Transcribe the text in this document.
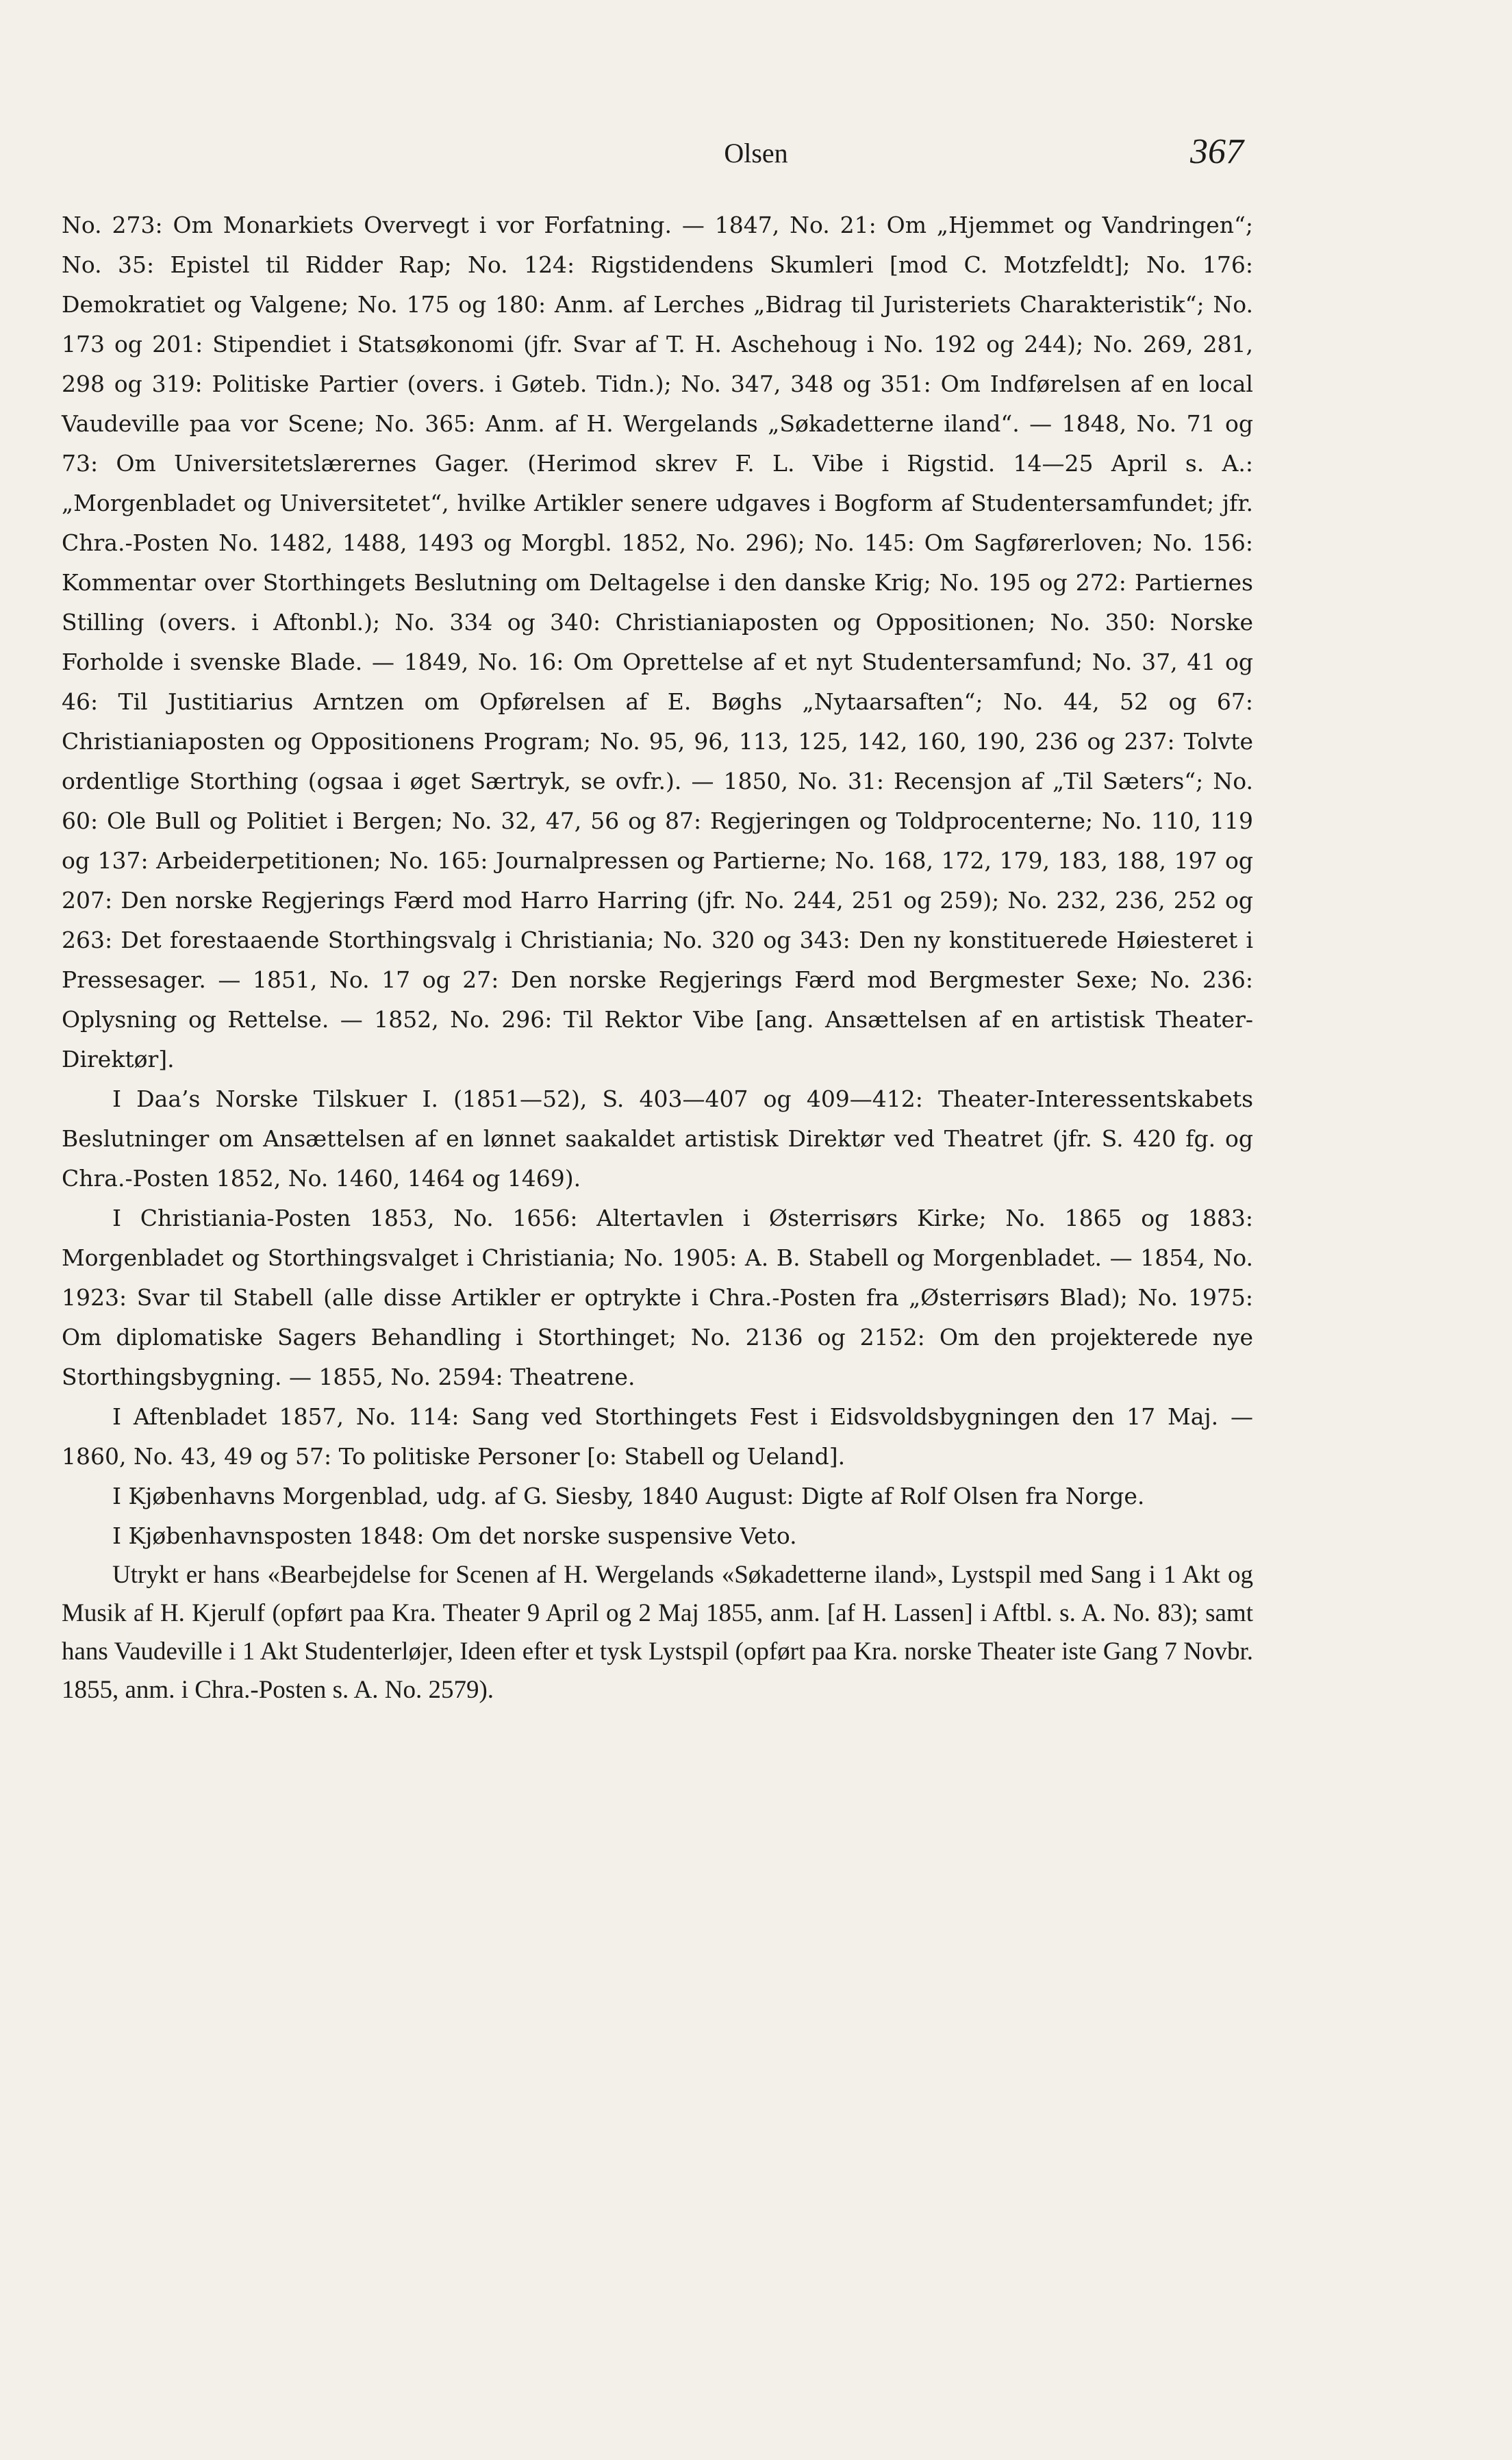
Olsen	367

No. 273: Om Monarkiets Overvegt i vor Forfatning. — 1847, No. 21: Om „Hjemmet og Vandringen“; No. 35: Epistel til Ridder Rap; No. 124: Rigstidendens Skumleri [mod C. Motzfeldt]; No. 176: Demokratiet og Valgene; No. 175 og 180: Anm. af Lerches „Bidrag til Juristeriets Charakteristik“; No. 173 og 201: Stipendiet i Statsøkonomi (jfr. Svar af T. H. Aschehoug i No. 192 og 244); No. 269, 281, 298 og 319: Politiske Partier (overs. i Gøteb. Tidn.); No. 347, 348 og 351: Om Indførelsen af en local Vaudeville paa vor Scene; No. 365: Anm. af H. Wergelands „Søkadetterne iland“. — 1848, No. 71 og 73: Om Universitetslærernes Gager. (Herimod skrev F. L. Vibe i Rigstid. 14—25 April s. A.: „Morgenbladet og Universitetet“, hvilke Artikler senere udgaves i Bogform af Studentersamfundet; jfr. Chra.-Posten No. 1482, 1488, 1493 og Morgbl. 1852, No. 296); No. 145: Om Sagførerloven; No. 156: Kommentar over Storthingets Beslutning om Deltagelse i den danske Krig; No. 195 og 272: Partiernes Stilling (overs. i Aftonbl.); No. 334 og 340: Christianiaposten og Oppositionen; No. 350: Norske Forholde i svenske Blade. — 1849, No. 16: Om Oprettelse af et nyt Studentersamfund; No. 37, 41 og 46: Til Justitiarius Arntzen om Opførelsen af E. Bøghs „Nytaarsaften“; No. 44, 52 og 67: Christianiaposten og Oppositionens Program; No. 95, 96, 113, 125, 142, 160, 190, 236 og 237: Tolvte ordentlige Storthing (ogsaa i øget Særtryk, se ovfr.). — 1850, No. 31: Recensjon af „Til Sæters“; No. 60: Ole Bull og Politiet i Bergen; No. 32, 47, 56 og 87: Regjeringen og Toldprocenterne; No. 110, 119 og 137: Arbeiderpetitionen; No. 165: Journalpressen og Partierne; No. 168, 172, 179, 183, 188, 197 og 207: Den norske Regjerings Færd mod Harro Harring (jfr. No. 244, 251 og 259); No. 232, 236, 252 og 263: Det forestaaende Storthingsvalg i Christiania; No. 320 og 343: Den ny konstituerede Høiesteret i Pressesager. — 1851, No. 17 og 27: Den norske Regjerings Færd mod Bergmester Sexe; No. 236: Oplysning og Rettelse. — 1852, No. 296: Til Rektor Vibe [ang. Ansættelsen af en artistisk Theater-Direktør].

I Daa’s Norske Tilskuer I. (1851—52), S. 403—407 og 409—412: Theater-Interessentskabets Beslutninger om Ansættelsen af en lønnet saakaldet artistisk Direktør ved Theatret (jfr. S. 420 fg. og Chra.-Posten 1852, No. 1460, 1464 og 1469).

I Christiania-Posten 1853, No. 1656: Altertavlen i Østerrisørs Kirke; No. 1865 og 1883: Morgenbladet og Storthingsvalget i Christiania; No. 1905: A. B. Stabell og Morgenbladet. — 1854, No. 1923: Svar til Stabell (alle disse Artikler er optrykte i Chra.-Posten fra „Østerrisørs Blad); No. 1975: Om diplomatiske Sagers Behandling i Storthinget; No. 2136 og 2152: Om den projekterede nye Storthingsbygning. — 1855, No. 2594: Theatrene.

I Aftenbladet 1857, No. 114: Sang ved Storthingets Fest i Eidsvoldsbygningen den 17 Maj. — 1860, No. 43, 49 og 57: To politiske Personer [o: Stabell og Ueland].

I Kjøbenhavns Morgenblad, udg. af G. Siesby, 1840 August: Digte af Rolf Olsen fra Norge.

I Kjøbenhavnsposten 1848: Om det norske suspensive Veto.

Utrykt er hans «Bearbejdelse for Scenen af H. Wergelands «Søkadetterne iland», Lystspil med Sang i 1 Akt og Musik af H. Kjerulf (opført paa Kra. Theater 9 April og 2 Maj 1855, anm. [af H. Lassen] i Aftbl. s. A. No. 83); samt hans Vaudeville i 1 Akt Studenterløjer, Ideen efter et tysk Lystspil (opført paa Kra. norske Theater iste Gang 7 Novbr. 1855, anm. i Chra.-Posten s. A. No. 2579).
